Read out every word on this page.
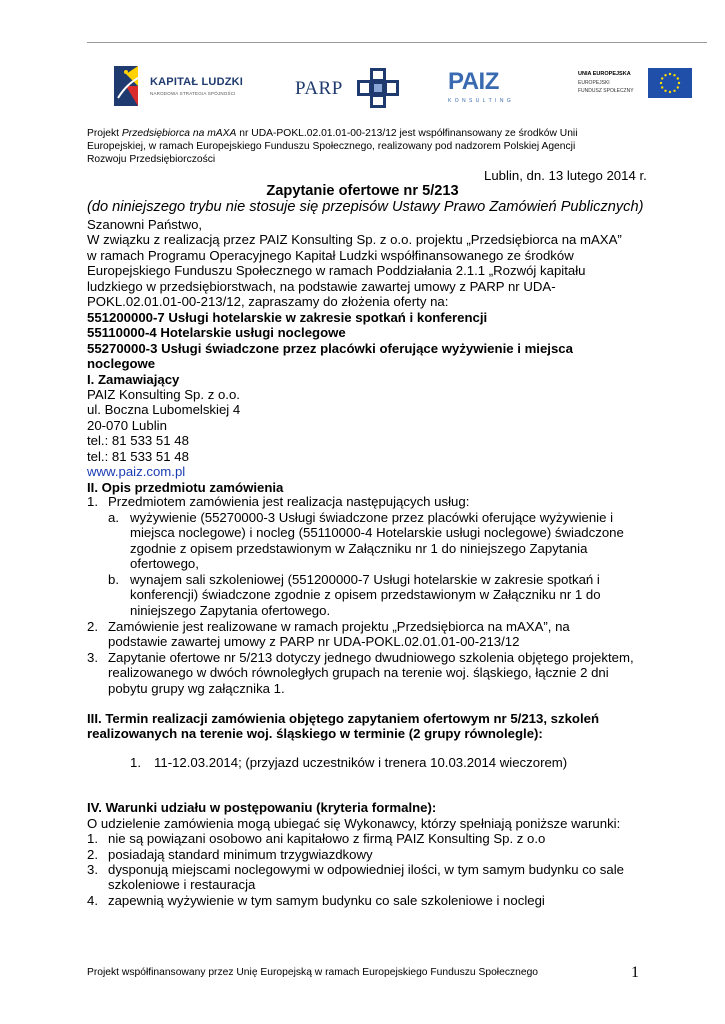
KAPITAŁ LUDZKI
NARODOWA STRATEGIA SPÓJNOŚCI	PARP	PAIZ
KONSULTING
UNIA EUROPEJSKA
EUROPEJSKI
FUNDUSZ SPOŁECZNY
Projekt Przedsiębiorca na mAXA nr UDA-POKL.02.01.01-00-213/12 jest współfinansowany ze środków Unii
Europejskiej, w ramach Europejskiego Funduszu Społecznego, realizowany pod nadzorem Polskiej Agencji
Rozwoju Przedsiębiorczości
Lublin, dn. 13 lutego 2014 r.
Zapytanie ofertowe nr 5/213
(do niniejszego trybu nie stosuje się przepisów Ustawy Prawo Zamówień Publicznych)
Szanowni Państwo,
W związku z realizacją przez PAIZ Konsulting Sp. z o.o. projektu „Przedsiębiorca na mAXA”
w ramach Programu Operacyjnego Kapitał Ludzki współfinansowanego ze środków
Europejskiego Funduszu Społecznego w ramach Poddziałania 2.1.1 „Rozwój kapitału
ludzkiego w przedsiębiorstwach, na podstawie zawartej umowy z PARP nr UDA-
POKL.02.01.01-00-213/12, zapraszamy do złożenia oferty na:
551200000-7 Usługi hotelarskie w zakresie spotkań i konferencji
55110000-4 Hotelarskie usługi noclegowe
55270000-3 Usługi świadczone przez placówki oferujące wyżywienie i miejsca
noclegowe
I. Zamawiający
PAIZ Konsulting Sp. z o.o.
ul. Boczna Lubomelskiej 4
20-070 Lublin
tel.: 81 533 51 48
tel.: 81 533 51 48
www.paiz.com.pl
II. Opis przedmiotu zamówienia
1. Przedmiotem zamówienia jest realizacja następujących usług:
a. wyżywienie (55270000-3 Usługi świadczone przez placówki oferujące wyżywienie i
miejsca noclegowe) i nocleg (55110000-4 Hotelarskie usługi noclegowe) świadczone
zgodnie z opisem przedstawionym w Załączniku nr 1 do niniejszego Zapytania
ofertowego,
b. wynajem sali szkoleniowej (551200000-7 Usługi hotelarskie w zakresie spotkań i
konferencji) świadczone zgodnie z opisem przedstawionym w Załączniku nr 1 do
niniejszego Zapytania ofertowego.
2. Zamówienie jest realizowane w ramach projektu „Przedsiębiorca na mAXA”, na
podstawie zawartej umowy z PARP nr UDA-POKL.02.01.01-00-213/12
3. Zapytanie ofertowe nr 5/213 dotyczy jednego dwudniowego szkolenia objętego projektem,
realizowanego w dwóch równoległych grupach na terenie woj. śląskiego, łącznie 2 dni
pobytu grupy wg załącznika 1.
III. Termin realizacji zamówienia objętego zapytaniem ofertowym nr 5/213, szkoleń
realizowanych na terenie woj. śląskiego w terminie (2 grupy równolegle):
1. 11-12.03.2014; (przyjazd uczestników i trenera 10.03.2014 wieczorem)
IV. Warunki udziału w postępowaniu (kryteria formalne):
O udzielenie zamówienia mogą ubiegać się Wykonawcy, którzy spełniają poniższe warunki:
1. nie są powiązani osobowo ani kapitałowo z firmą PAIZ Konsulting Sp. z o.o
2. posiadają standard minimum trzygwiazdkowy
3. dysponują miejscami noclegowymi w odpowiedniej ilości, w tym samym budynku co sale
szkoleniowe i restauracja
4. zapewnią wyżywienie w tym samym budynku co sale szkoleniowe i noclegi
Projekt współfinansowany przez Unię Europejską w ramach Europejskiego Funduszu Społecznego	1
